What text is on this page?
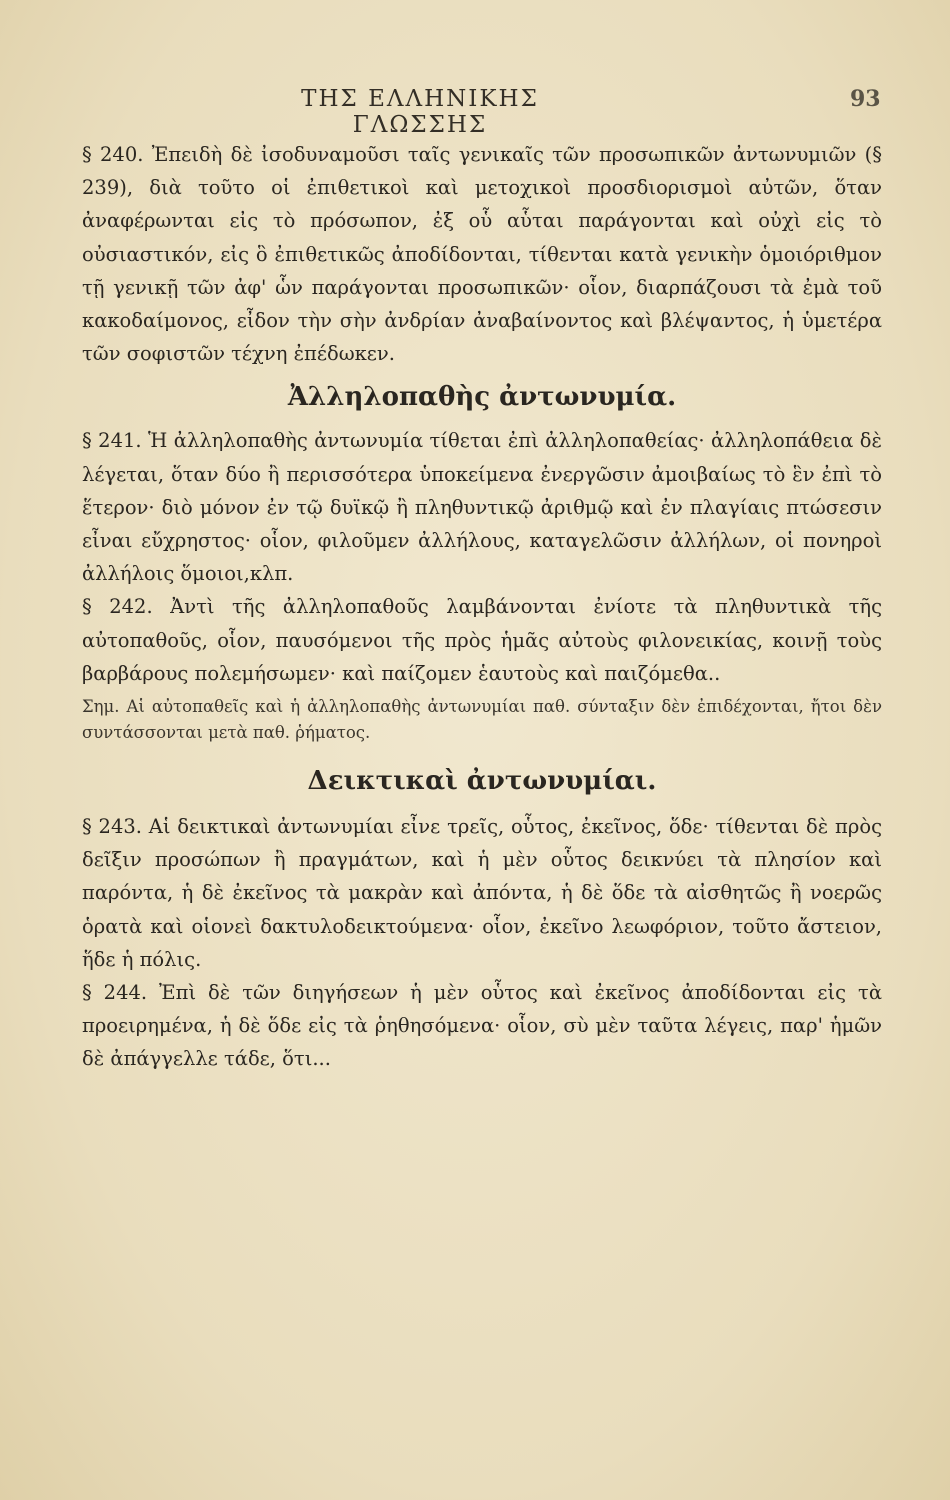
ΤΗΣ ΕΛΛΗΝΙΚΗΣ ΓΛΩΣΣΗΣ
93

§ 240. Ἐπειδὴ δὲ ἰσοδυναμοῦσι ταῖς γενικαῖς τῶν προσωπικῶν ἀντωνυμιῶν (§ 239), διὰ τοῦτο οἱ ἐπιθετικοὶ καὶ μετοχικοὶ προσδιορισμοὶ αὐτῶν, ὅταν ἀναφέρωνται εἰς τὸ πρόσωπον, ἐξ οὗ αὗται παράγονται καὶ οὐχὶ εἰς τὸ οὐσιαστικόν, εἰς ὃ ἐπιθετικῶς ἀποδίδονται, τίθενται κατὰ γενικὴν ὁμοιόριθμον τῇ γενικῇ τῶν ἀφ' ὧν παράγονται προσωπικῶν· οἷον, διαρπάζουσι τὰ ἐμὰ τοῦ κακοδαίμονος, εἶδον τὴν σὴν ἀνδρίαν ἀναβαίνοντος καὶ βλέψαντος, ἡ ὑμετέρα τῶν σοφιστῶν τέχνη ἐπέδωκεν.

Ἀλληλοπαθὴς ἀντωνυμία.

§ 241. Ἡ ἀλληλοπαθὴς ἀντωνυμία τίθεται ἐπὶ ἀλληλοπαθείας· ἀλληλοπάθεια δὲ λέγεται, ὅταν δύο ἢ περισσότερα ὑποκείμενα ἐνεργῶσιν ἀμοιβαίως τὸ ἓν ἐπὶ τὸ ἕτερον· διὸ μόνον ἐν τῷ δυϊκῷ ἢ πληθυντικῷ ἀριθμῷ καὶ ἐν πλαγίαις πτώσεσιν εἶναι εὔχρηστος· οἷον, φιλοῦμεν ἀλλήλους, καταγελῶσιν ἀλλήλων, οἱ πονηροὶ ἀλλήλοις ὅμοιοι,κλπ.

§ 242. Ἀντὶ τῆς ἀλληλοπαθοῦς λαμβάνονται ἐνίοτε τὰ πληθυντικὰ τῆς αὐτοπαθοῦς, οἷον, παυσόμενοι τῆς πρὸς ἡμᾶς αὐτοὺς φιλονεικίας, κοινῇ τοὺς βαρβάρους πολεμήσωμεν· καὶ παίζομεν ἑαυτοὺς καὶ παιζόμεθα..

Σημ. Αἱ αὐτοπαθεῖς καὶ ἡ ἀλληλοπαθὴς ἀντωνυμίαι παθ. σύνταξιν δὲν ἐπιδέχονται, ἤτοι δὲν συντάσσονται μετὰ παθ. ῥήματος.

Δεικτικαὶ ἀντωνυμίαι.

§ 243. Αἱ δεικτικαὶ ἀντωνυμίαι εἶνε τρεῖς, οὗτος, ἐκεῖνος, ὅδε· τίθενται δὲ πρὸς δεῖξιν προσώπων ἢ πραγμάτων, καὶ ἡ μὲν οὗτος δεικνύει τὰ πλησίον καὶ παρόντα, ἡ δὲ ἐκεῖνος τὰ μακρὰν καὶ ἀπόντα, ἡ δὲ ὅδε τὰ αἰσθητῶς ἢ νοερῶς ὁρατὰ καὶ οἱονεὶ δακτυλοδεικτούμενα· οἷον, ἐκεῖνο λεωφόριον, τοῦτο ἄστειον, ἥδε ἡ πόλις.

§ 244. Ἐπὶ δὲ τῶν διηγήσεων ἡ μὲν οὗτος καὶ ἐκεῖνος ἀποδίδονται εἰς τὰ προειρημένα, ἡ δὲ ὅδε εἰς τὰ ῥηθησόμενα· οἷον, σὺ μὲν ταῦτα λέγεις, παρ' ἡμῶν δὲ ἀπάγγελλε τάδε, ὅτι...
